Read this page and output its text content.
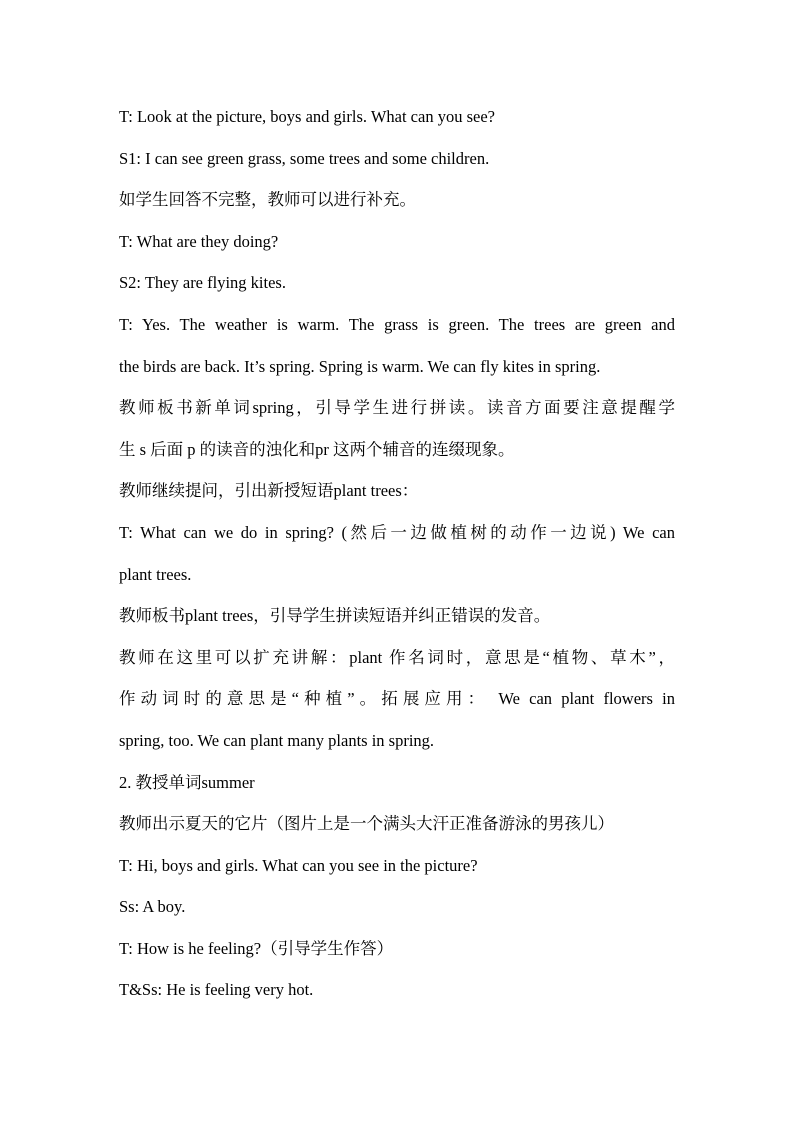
T: Look at the picture, boys and girls. What can you see?
S1: I can see green grass, some trees and some children.
如学生回答不完整，教师可以进行补充。
T: What are they doing?
S2: They are flying kites.
T: Yes. The weather is warm. The grass is green. The trees are green and
the birds are back. It’s spring. Spring is warm. We can fly kites in spring.
教师板书新单词spring，引导学生进行拼读。读音方面要注意提醒学
生 s 后面 p 的读音的浊化和pr 这两个辅音的连缀现象。
教师继续提问，引出新授短语plant trees：
T: What can we do in spring? (然后一边做植树的动作一边说) We can
plant trees.
教师板书plant trees，引导学生拼读短语并纠正错误的发音。
教师在这里可以扩充讲解：plant 作名词时，意思是“植物、草木”，
作动词时的意思是“种植”。拓展应用： We can plant flowers in
spring, too. We can plant many plants in spring.
2. 教授单词summer
教师出示夏天的它片（图片上是一个满头大汗正准备游泳的男孩儿）
T: Hi, boys and girls. What can you see in the picture?
Ss: A boy.
T: How is he feeling?（引导学生作答）
T&Ss: He is feeling very hot.
